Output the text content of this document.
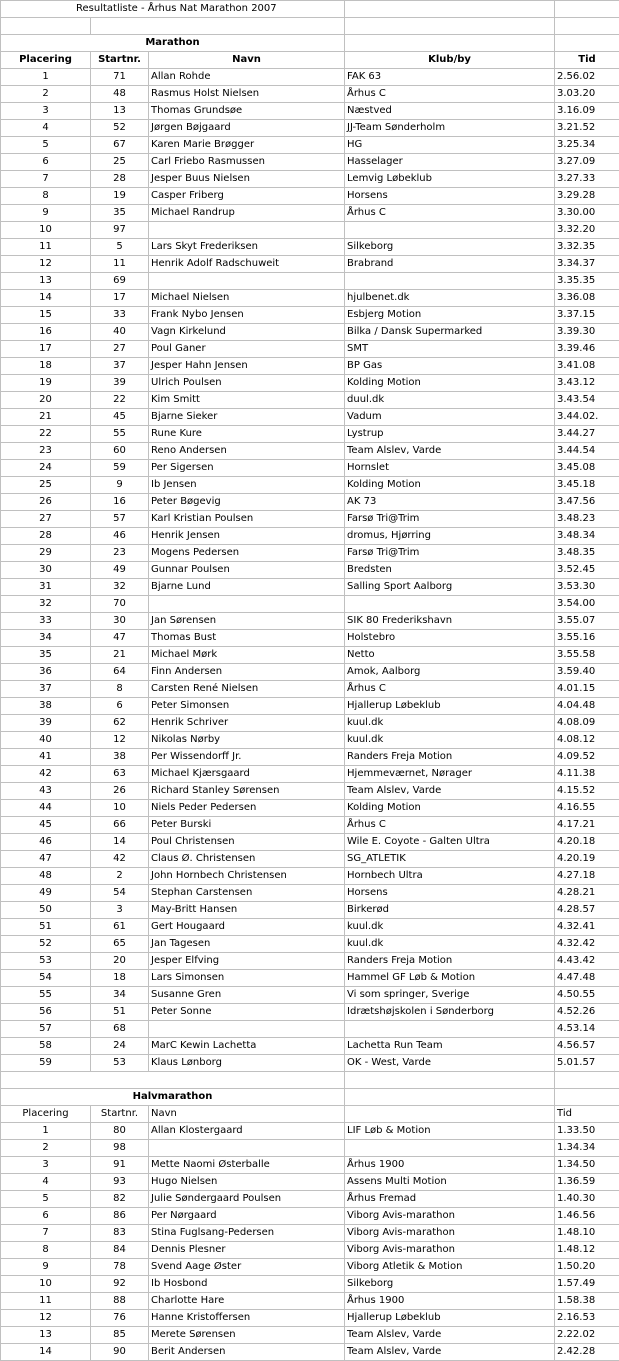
Resultatliste - Århus Nat Marathon 2007				

Marathon				
Placering	Startnr.	Navn	Klub/by	Tid
1	71	Allan Rohde	FAK 63	2.56.02
2	48	Rasmus Holst Nielsen	Århus C	3.03.20
3	13	Thomas Grundsøe	Næstved	3.16.09
4	52	Jørgen Bøjgaard	JJ-Team Sønderholm	3.21.52
5	67	Karen Marie Brøgger	HG	3.25.34
6	25	Carl Friebo Rasmussen	Hasselager	3.27.09
7	28	Jesper Buus Nielsen	Lemvig Løbeklub	3.27.33
8	19	Casper Friberg	Horsens	3.29.28
9	35	Michael Randrup	Århus C	3.30.00
10	97			3.32.20
11	5	Lars Skyt Frederiksen	Silkeborg	3.32.35
12	11	Henrik Adolf Radschuweit	Brabrand	3.34.37
13	69			3.35.35
14	17	Michael Nielsen	hjulbenet.dk	3.36.08
15	33	Frank Nybo Jensen	Esbjerg Motion	3.37.15
16	40	Vagn Kirkelund	Bilka / Dansk Supermarked	3.39.30
17	27	Poul Ganer	SMT	3.39.46
18	37	Jesper Hahn Jensen	BP Gas	3.41.08
19	39	Ulrich Poulsen	Kolding Motion	3.43.12
20	22	Kim Smitt	duul.dk	3.43.54
21	45	Bjarne Sieker	Vadum	3.44.02.
22	55	Rune Kure	Lystrup	3.44.27
23	60	Reno Andersen	Team Alslev, Varde	3.44.54
24	59	Per Sigersen	Hornslet	3.45.08
25	9	Ib Jensen	Kolding Motion	3.45.18
26	16	Peter Bøgevig	AK 73	3.47.56
27	57	Karl Kristian Poulsen	Farsø Tri@Trim	3.48.23
28	46	Henrik Jensen	dromus, Hjørring	3.48.34
29	23	Mogens Pedersen	Farsø Tri@Trim	3.48.35
30	49	Gunnar Poulsen	Bredsten	3.52.45
31	32	Bjarne Lund	Salling Sport Aalborg	3.53.30
32	70			3.54.00
33	30	Jan Sørensen	SIK 80 Frederikshavn	3.55.07
34	47	Thomas Bust	Holstebro	3.55.16
35	21	Michael Mørk	Netto	3.55.58
36	64	Finn Andersen	Amok, Aalborg	3.59.40
37	8	Carsten René Nielsen	Århus C	4.01.15
38	6	Peter Simonsen	Hjallerup Løbeklub	4.04.48
39	62	Henrik Schriver	kuul.dk	4.08.09
40	12	Nikolas Nørby	kuul.dk	4.08.12
41	38	Per Wissendorff Jr.	Randers Freja Motion	4.09.52
42	63	Michael Kjærsgaard	Hjemmeværnet, Nørager	4.11.38
43	26	Richard Stanley Sørensen	Team Alslev, Varde	4.15.52
44	10	Niels Peder Pedersen	Kolding Motion	4.16.55
45	66	Peter Burski	Århus C	4.17.21
46	14	Poul Christensen	Wile E. Coyote - Galten Ultra	4.20.18
47	42	Claus Ø. Christensen	SG_ATLETIK	4.20.19
48	2	John Hornbech Christensen	Hornbech Ultra	4.27.18
49	54	Stephan Carstensen	Horsens	4.28.21
50	3	May-Britt Hansen	Birkerød	4.28.57
51	61	Gert Hougaard	kuul.dk	4.32.41
52	65	Jan Tagesen	kuul.dk	4.32.42
53	20	Jesper Elfving	Randers Freja Motion	4.43.42
54	18	Lars Simonsen	Hammel GF Løb & Motion	4.47.48
55	34	Susanne Gren	Vi som springer, Sverige	4.50.55
56	51	Peter Sonne	Idrætshøjskolen i Sønderborg	4.52.26
57	68			4.53.14
58	24	MarC Kewin Lachetta	Lachetta Run Team	4.56.57
59	53	Klaus Lønborg	OK - West, Varde	5.01.57

Halvmarathon				
Placering	Startnr.	Navn		Tid
1	80	Allan Klostergaard	LIF Løb & Motion	1.33.50
2	98			1.34.34
3	91	Mette Naomi Østerballe	Århus 1900	1.34.50
4	93	Hugo Nielsen	Assens Multi Motion	1.36.59
5	82	Julie Søndergaard Poulsen	Århus Fremad	1.40.30
6	86	Per Nørgaard	Viborg Avis-marathon	1.46.56
7	83	Stina Fuglsang-Pedersen	Viborg Avis-marathon	1.48.10
8	84	Dennis Plesner	Viborg Avis-marathon	1.48.12
9	78	Svend Aage Øster	Viborg Atletik & Motion	1.50.20
10	92	Ib Hosbond	Silkeborg	1.57.49
11	88	Charlotte Hare	Århus 1900	1.58.38
12	76	Hanne Kristoffersen	Hjallerup Løbeklub	2.16.53
13	85	Merete Sørensen	Team Alslev, Varde	2.22.02
14	90	Berit Andersen	Team Alslev, Varde	2.42.28
